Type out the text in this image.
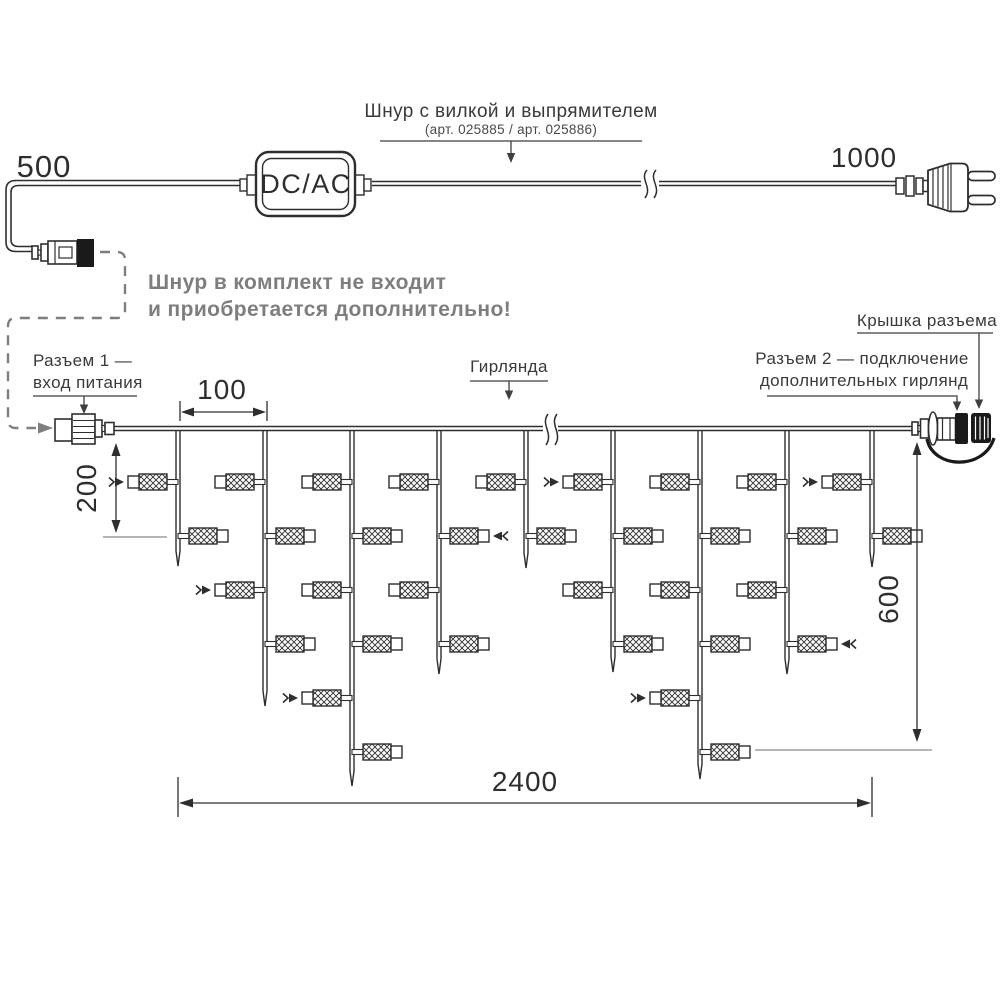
500
Шнур в комплект не входит
и приобретается дополнительно!
DC/AC
1000
Шнур с вилкой и выпрямителем
(арт. 025885 / арт. 025886)
Гирлянда
Разъем 1 —
вход питания
Разъем 2 — подключение
дополнительных гирлянд
Крышка разъема
100
200
600
2400
